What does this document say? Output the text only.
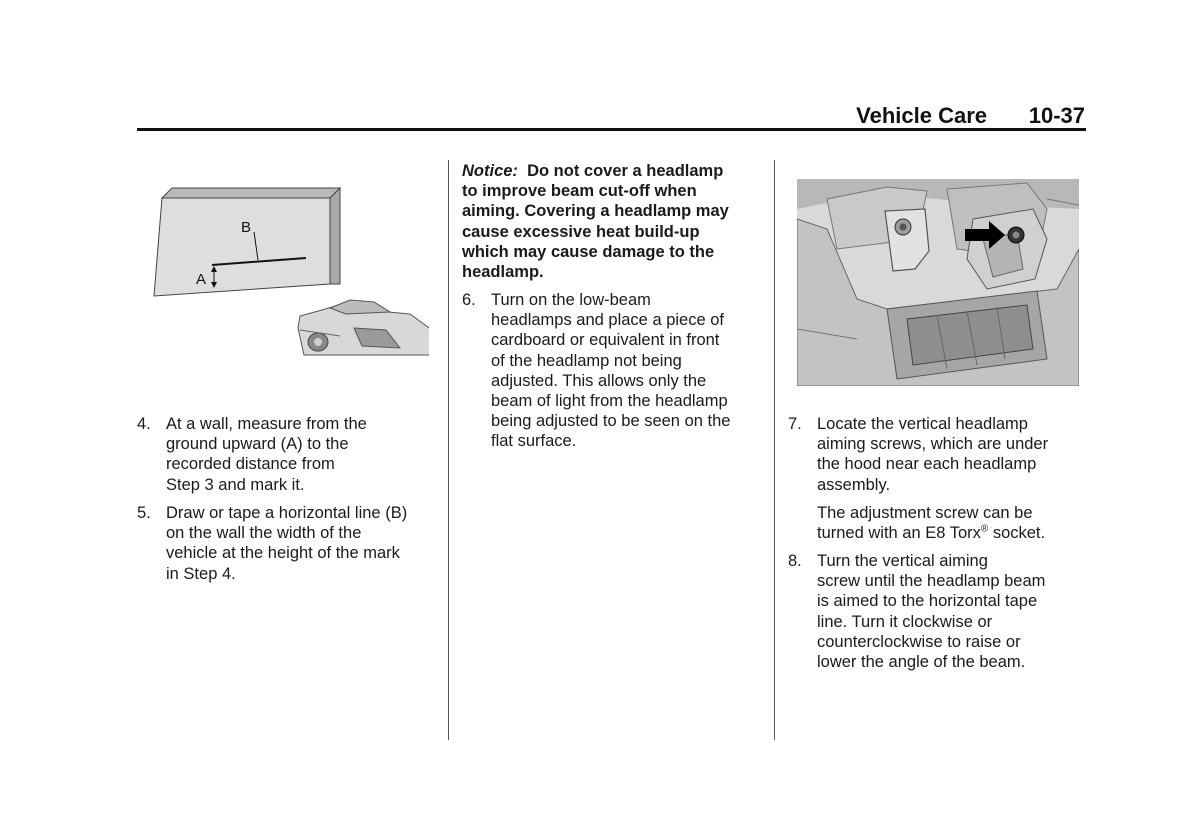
Vehicle Care 10-37
B
A
4. At a wall, measure from the
ground upward (A) to the
recorded distance from
Step 3 and mark it.
5. Draw or tape a horizontal line (B)
on the wall the width of the
vehicle at the height of the mark
in Step 4.
Notice: Do not cover a headlamp
to improve beam cut-off when
aiming. Covering a headlamp may
cause excessive heat build-up
which may cause damage to the
headlamp.
6. Turn on the low-beam
headlamps and place a piece of
cardboard or equivalent in front
of the headlamp not being
adjusted. This allows only the
beam of light from the headlamp
being adjusted to be seen on the
flat surface.
7. Locate the vertical headlamp
aiming screws, which are under
the hood near each headlamp
assembly.
The adjustment screw can be
turned with an E8 Torx® socket.
8. Turn the vertical aiming
screw until the headlamp beam
is aimed to the horizontal tape
line. Turn it clockwise or
counterclockwise to raise or
lower the angle of the beam.
